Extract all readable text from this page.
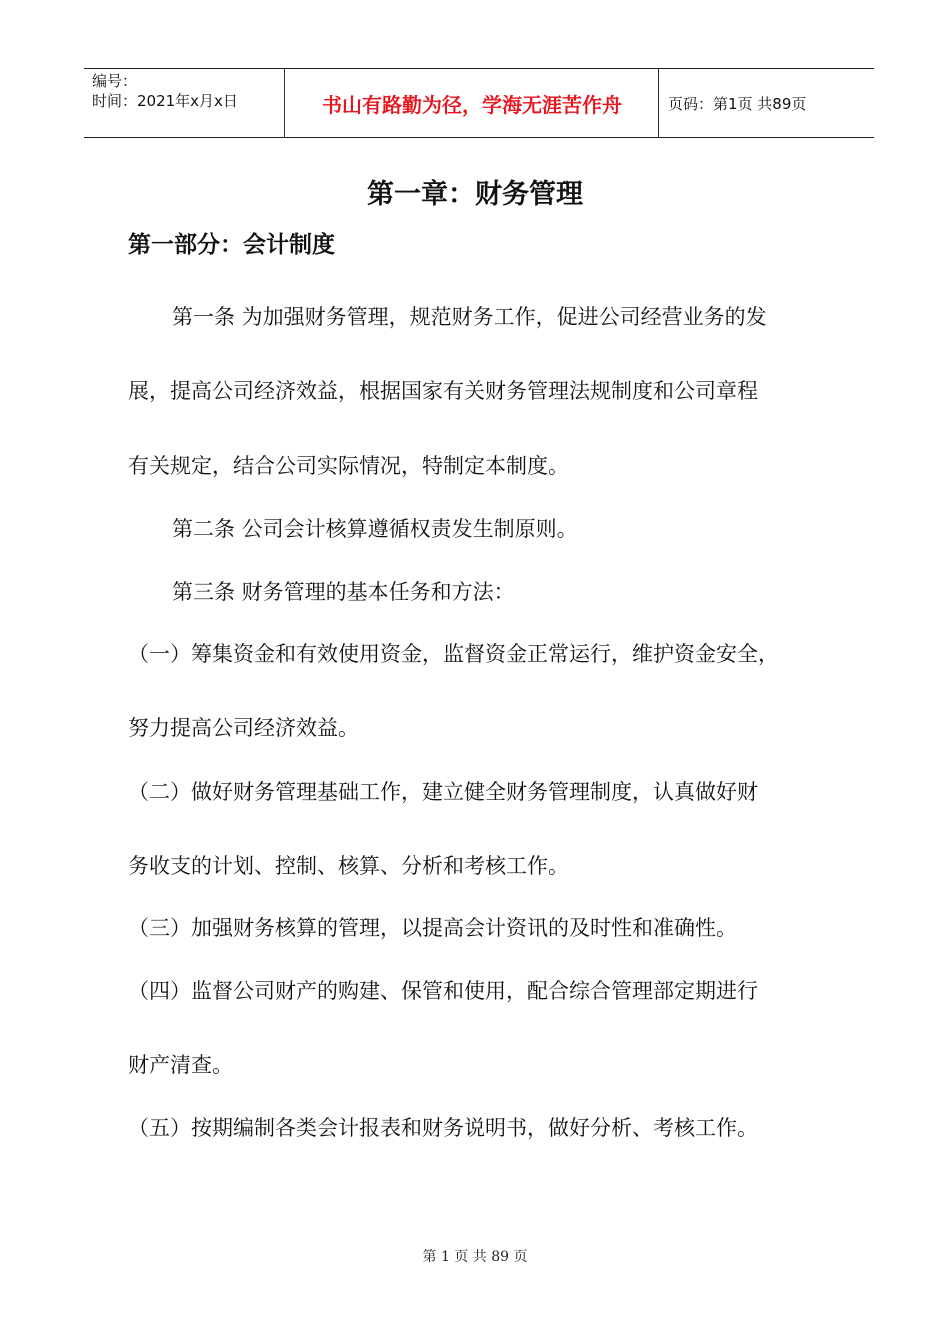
编号：
时间：2021年x月x日	书山有路勤为径，学海无涯苦作舟	页码：第1页 共89页
第一章：财务管理
第一部分：会计制度
第一条 为加强财务管理，规范财务工作，促进公司经营业务的发
展，提高公司经济效益，根据国家有关财务管理法规制度和公司章程
有关规定，结合公司实际情况，特制定本制度。
第二条 公司会计核算遵循权责发生制原则。
第三条 财务管理的基本任务和方法：
（一）筹集资金和有效使用资金，监督资金正常运行，维护资金安全，
努力提高公司经济效益。
（二）做好财务管理基础工作，建立健全财务管理制度，认真做好财
务收支的计划、控制、核算、分析和考核工作。
（三）加强财务核算的管理，以提高会计资讯的及时性和准确性。
（四）监督公司财产的购建、保管和使用，配合综合管理部定期进行
财产清查。
（五）按期编制各类会计报表和财务说明书，做好分析、考核工作。
第 1 页 共 89 页
